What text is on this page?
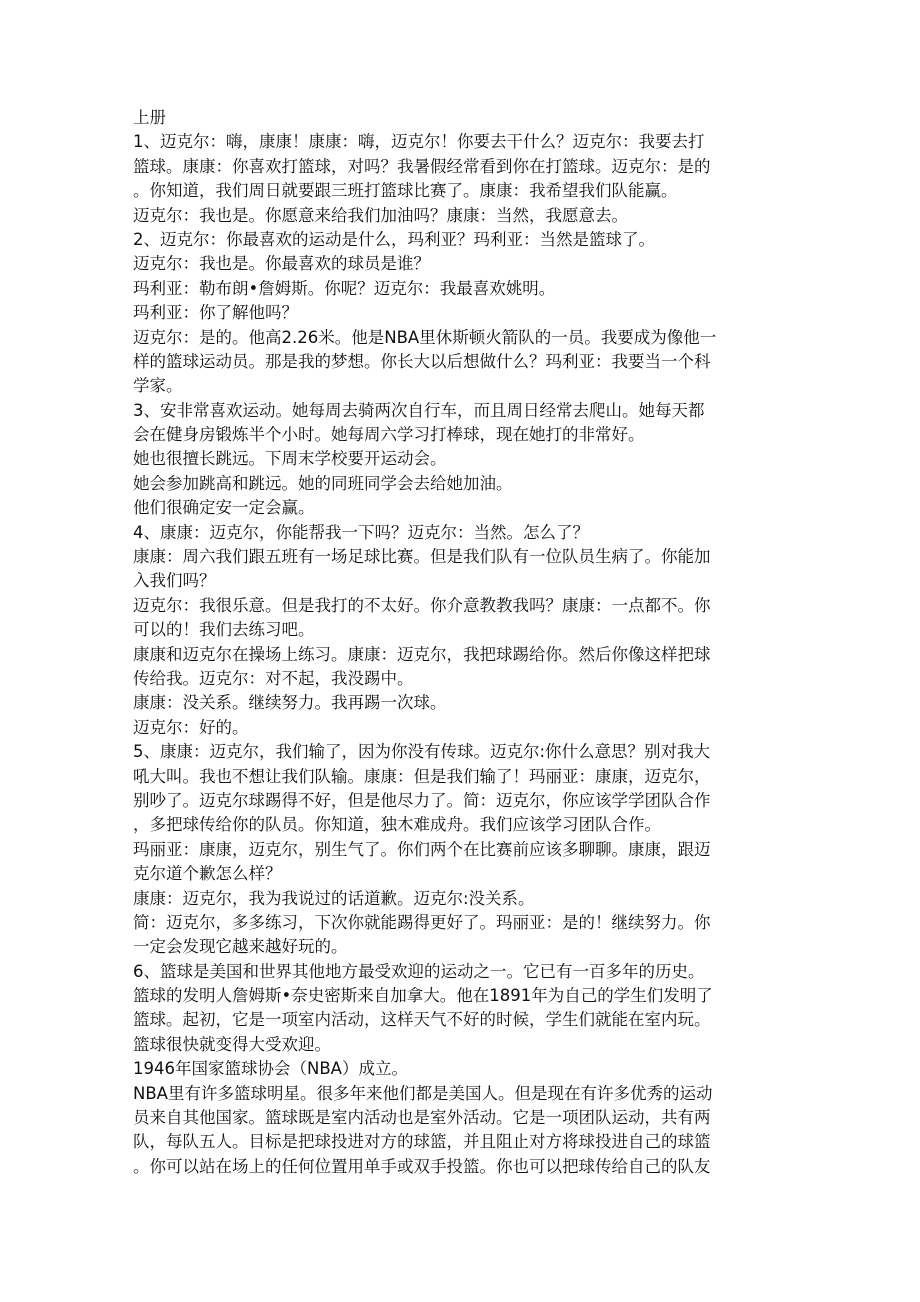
上册
1、迈克尔：嗨，康康！康康：嗨，迈克尔！你要去干什么？迈克尔：我要去打
篮球。康康：你喜欢打篮球，对吗？我暑假经常看到你在打篮球。迈克尔：是的
。你知道，我们周日就要跟三班打篮球比赛了。康康：我希望我们队能赢。
迈克尔：我也是。你愿意来给我们加油吗？康康：当然，我愿意去。
2、迈克尔：你最喜欢的运动是什么，玛利亚？玛利亚：当然是篮球了。
迈克尔：我也是。你最喜欢的球员是谁？
玛利亚：勒布朗•詹姆斯。你呢？迈克尔：我最喜欢姚明。
玛利亚：你了解他吗？
迈克尔：是的。他高2.26米。他是NBA里休斯顿火箭队的一员。我要成为像他一
样的篮球运动员。那是我的梦想。你长大以后想做什么？玛利亚：我要当一个科
学家。
3、安非常喜欢运动。她每周去骑两次自行车，而且周日经常去爬山。她每天都
会在健身房锻炼半个小时。她每周六学习打棒球，现在她打的非常好。
她也很擅长跳远。下周末学校要开运动会。
她会参加跳高和跳远。她的同班同学会去给她加油。
他们很确定安一定会赢。
4、康康：迈克尔，你能帮我一下吗？迈克尔：当然。怎么了？
康康：周六我们跟五班有一场足球比赛。但是我们队有一位队员生病了。你能加
入我们吗？
迈克尔：我很乐意。但是我打的不太好。你介意教教我吗？康康：一点都不。你
可以的！我们去练习吧。
康康和迈克尔在操场上练习。康康：迈克尔，我把球踢给你。然后你像这样把球
传给我。迈克尔：对不起，我没踢中。
康康：没关系。继续努力。我再踢一次球。
迈克尔：好的。
5、康康：迈克尔，我们输了，因为你没有传球。迈克尔:你什么意思？别对我大
吼大叫。我也不想让我们队输。康康：但是我们输了！玛丽亚：康康，迈克尔，
别吵了。迈克尔球踢得不好，但是他尽力了。简：迈克尔，你应该学学团队合作
，多把球传给你的队员。你知道，独木难成舟。我们应该学习团队合作。
玛丽亚：康康，迈克尔，别生气了。你们两个在比赛前应该多聊聊。康康，跟迈
克尔道个歉怎么样？
康康：迈克尔，我为我说过的话道歉。迈克尔:没关系。
简：迈克尔，多多练习，下次你就能踢得更好了。玛丽亚：是的！继续努力。你
一定会发现它越来越好玩的。
6、篮球是美国和世界其他地方最受欢迎的运动之一。它已有一百多年的历史。
篮球的发明人詹姆斯•奈史密斯来自加拿大。他在1891年为自己的学生们发明了
篮球。起初，它是一项室内活动，这样天气不好的时候，学生们就能在室内玩。
篮球很快就变得大受欢迎。
1946年国家篮球协会（NBA）成立。
NBA里有许多篮球明星。很多年来他们都是美国人。但是现在有许多优秀的运动
员来自其他国家。篮球既是室内活动也是室外活动。它是一项团队运动，共有两
队，每队五人。目标是把球投进对方的球篮，并且阻止对方将球投进自己的球篮
。你可以站在场上的任何位置用单手或双手投篮。你也可以把球传给自己的队友
